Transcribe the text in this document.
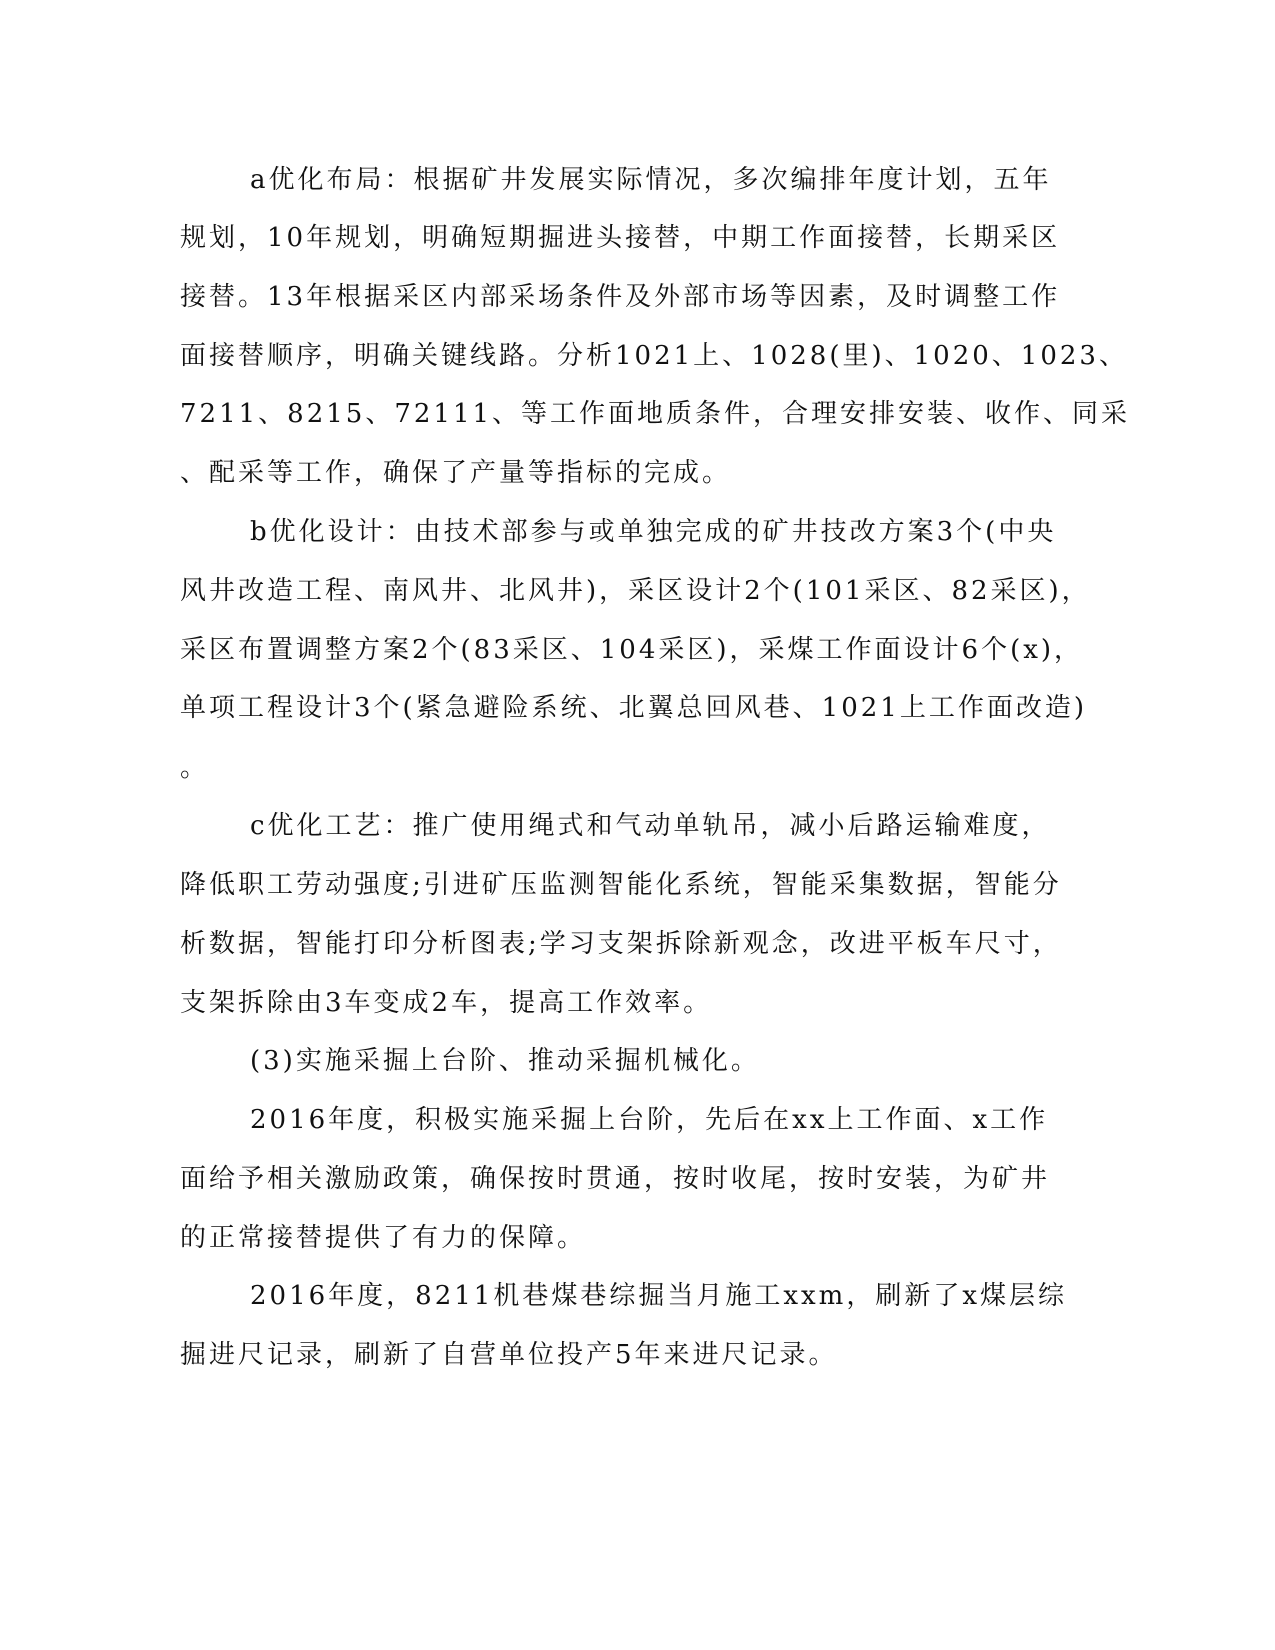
a优化布局：根据矿井发展实际情况，多次编排年度计划，五年
规划，10年规划，明确短期掘进头接替，中期工作面接替，长期采区
接替。13年根据采区内部采场条件及外部市场等因素，及时调整工作
面接替顺序，明确关键线路。分析1021上、1028(里)、1020、1023、
7211、8215、72111、等工作面地质条件，合理安排安装、收作、同采
、配采等工作，确保了产量等指标的完成。
b优化设计：由技术部参与或单独完成的矿井技改方案3个(中央
风井改造工程、南风井、北风井)，采区设计2个(101采区、82采区)，
采区布置调整方案2个(83采区、104采区)，采煤工作面设计6个(x)，
单项工程设计3个(紧急避险系统、北翼总回风巷、1021上工作面改造)
。
c优化工艺：推广使用绳式和气动单轨吊，减小后路运输难度，
降低职工劳动强度;引进矿压监测智能化系统，智能采集数据，智能分
析数据，智能打印分析图表;学习支架拆除新观念，改进平板车尺寸，
支架拆除由3车变成2车，提高工作效率。
(3)实施采掘上台阶、推动采掘机械化。
2016年度，积极实施采掘上台阶，先后在xx上工作面、x工作
面给予相关激励政策，确保按时贯通，按时收尾，按时安装，为矿井
的正常接替提供了有力的保障。
2016年度，8211机巷煤巷综掘当月施工xxm，刷新了x煤层综
掘进尺记录，刷新了自营单位投产5年来进尺记录。
